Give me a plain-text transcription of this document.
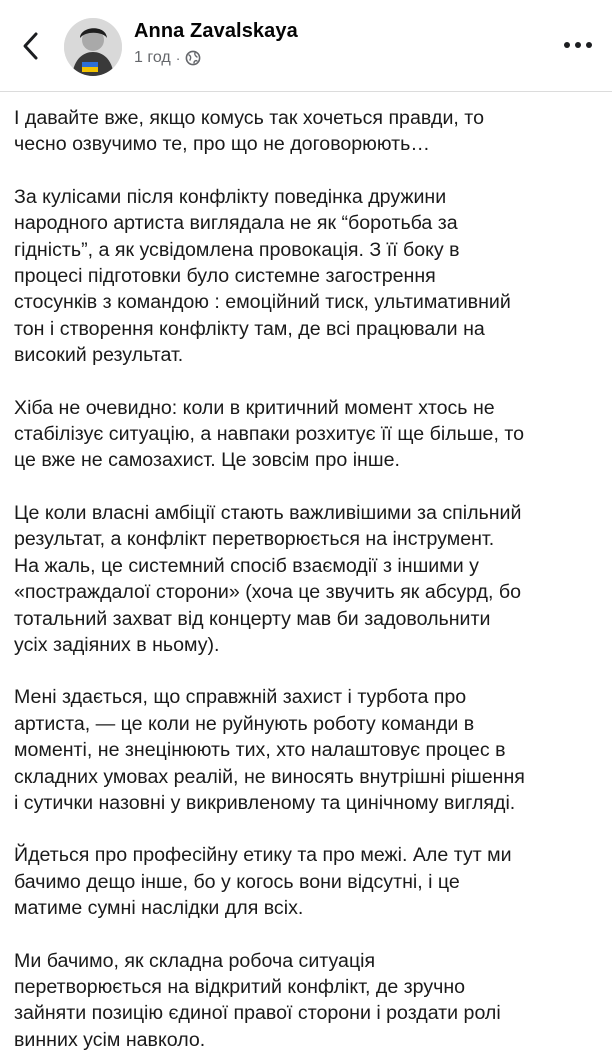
Anna Zavalskaya
1 год ·

І давайте вже, якщо комусь так хочеться правди, то
чесно озвучимо те, про що не договорюють…

За кулісами після конфлікту поведінка дружини
народного артиста виглядала не як “боротьба за
гідність”, а як усвідомлена провокація. З її боку в
процесі підготовки було системне загострення
стосунків з командою : емоційний тиск, ультимативний
тон і створення конфлікту там, де всі працювали на
високий результат.

Хіба не очевидно: коли в критичний момент хтось не
стабілізує ситуацію, а навпаки розхитує її ще більше, то
це вже не самозахист. Це зовсім про інше.

Це коли власні амбіції стають важливішими за спільний
результат, а конфлікт перетворюється на інструмент.
На жаль, це системний спосіб взаємодії з іншими у
«постраждалої сторони» (хоча це звучить як абсурд, бо
тотальний захват від концерту мав би задовольнити
усіх задіяних в ньому).

Мені здається, що справжній захист і турбота про
артиста, — це коли не руйнують роботу команди в
моменті, не знецінюють тих, хто налаштовує процес в
складних умовах реалій, не виносять внутрішні рішення
і сутички назовні у викривленому та цинічному вигляді.

Йдеться про професійну етику та про межі. Але тут ми
бачимо дещо інше, бо у когось вони відсутні, і це
матиме сумні наслідки для всіх.

Ми бачимо, як складна робоча ситуація
перетворюється на відкритий конфлікт, де зручно
зайняти позицію єдиної правої сторони і роздати ролі
винних усім навколо.
